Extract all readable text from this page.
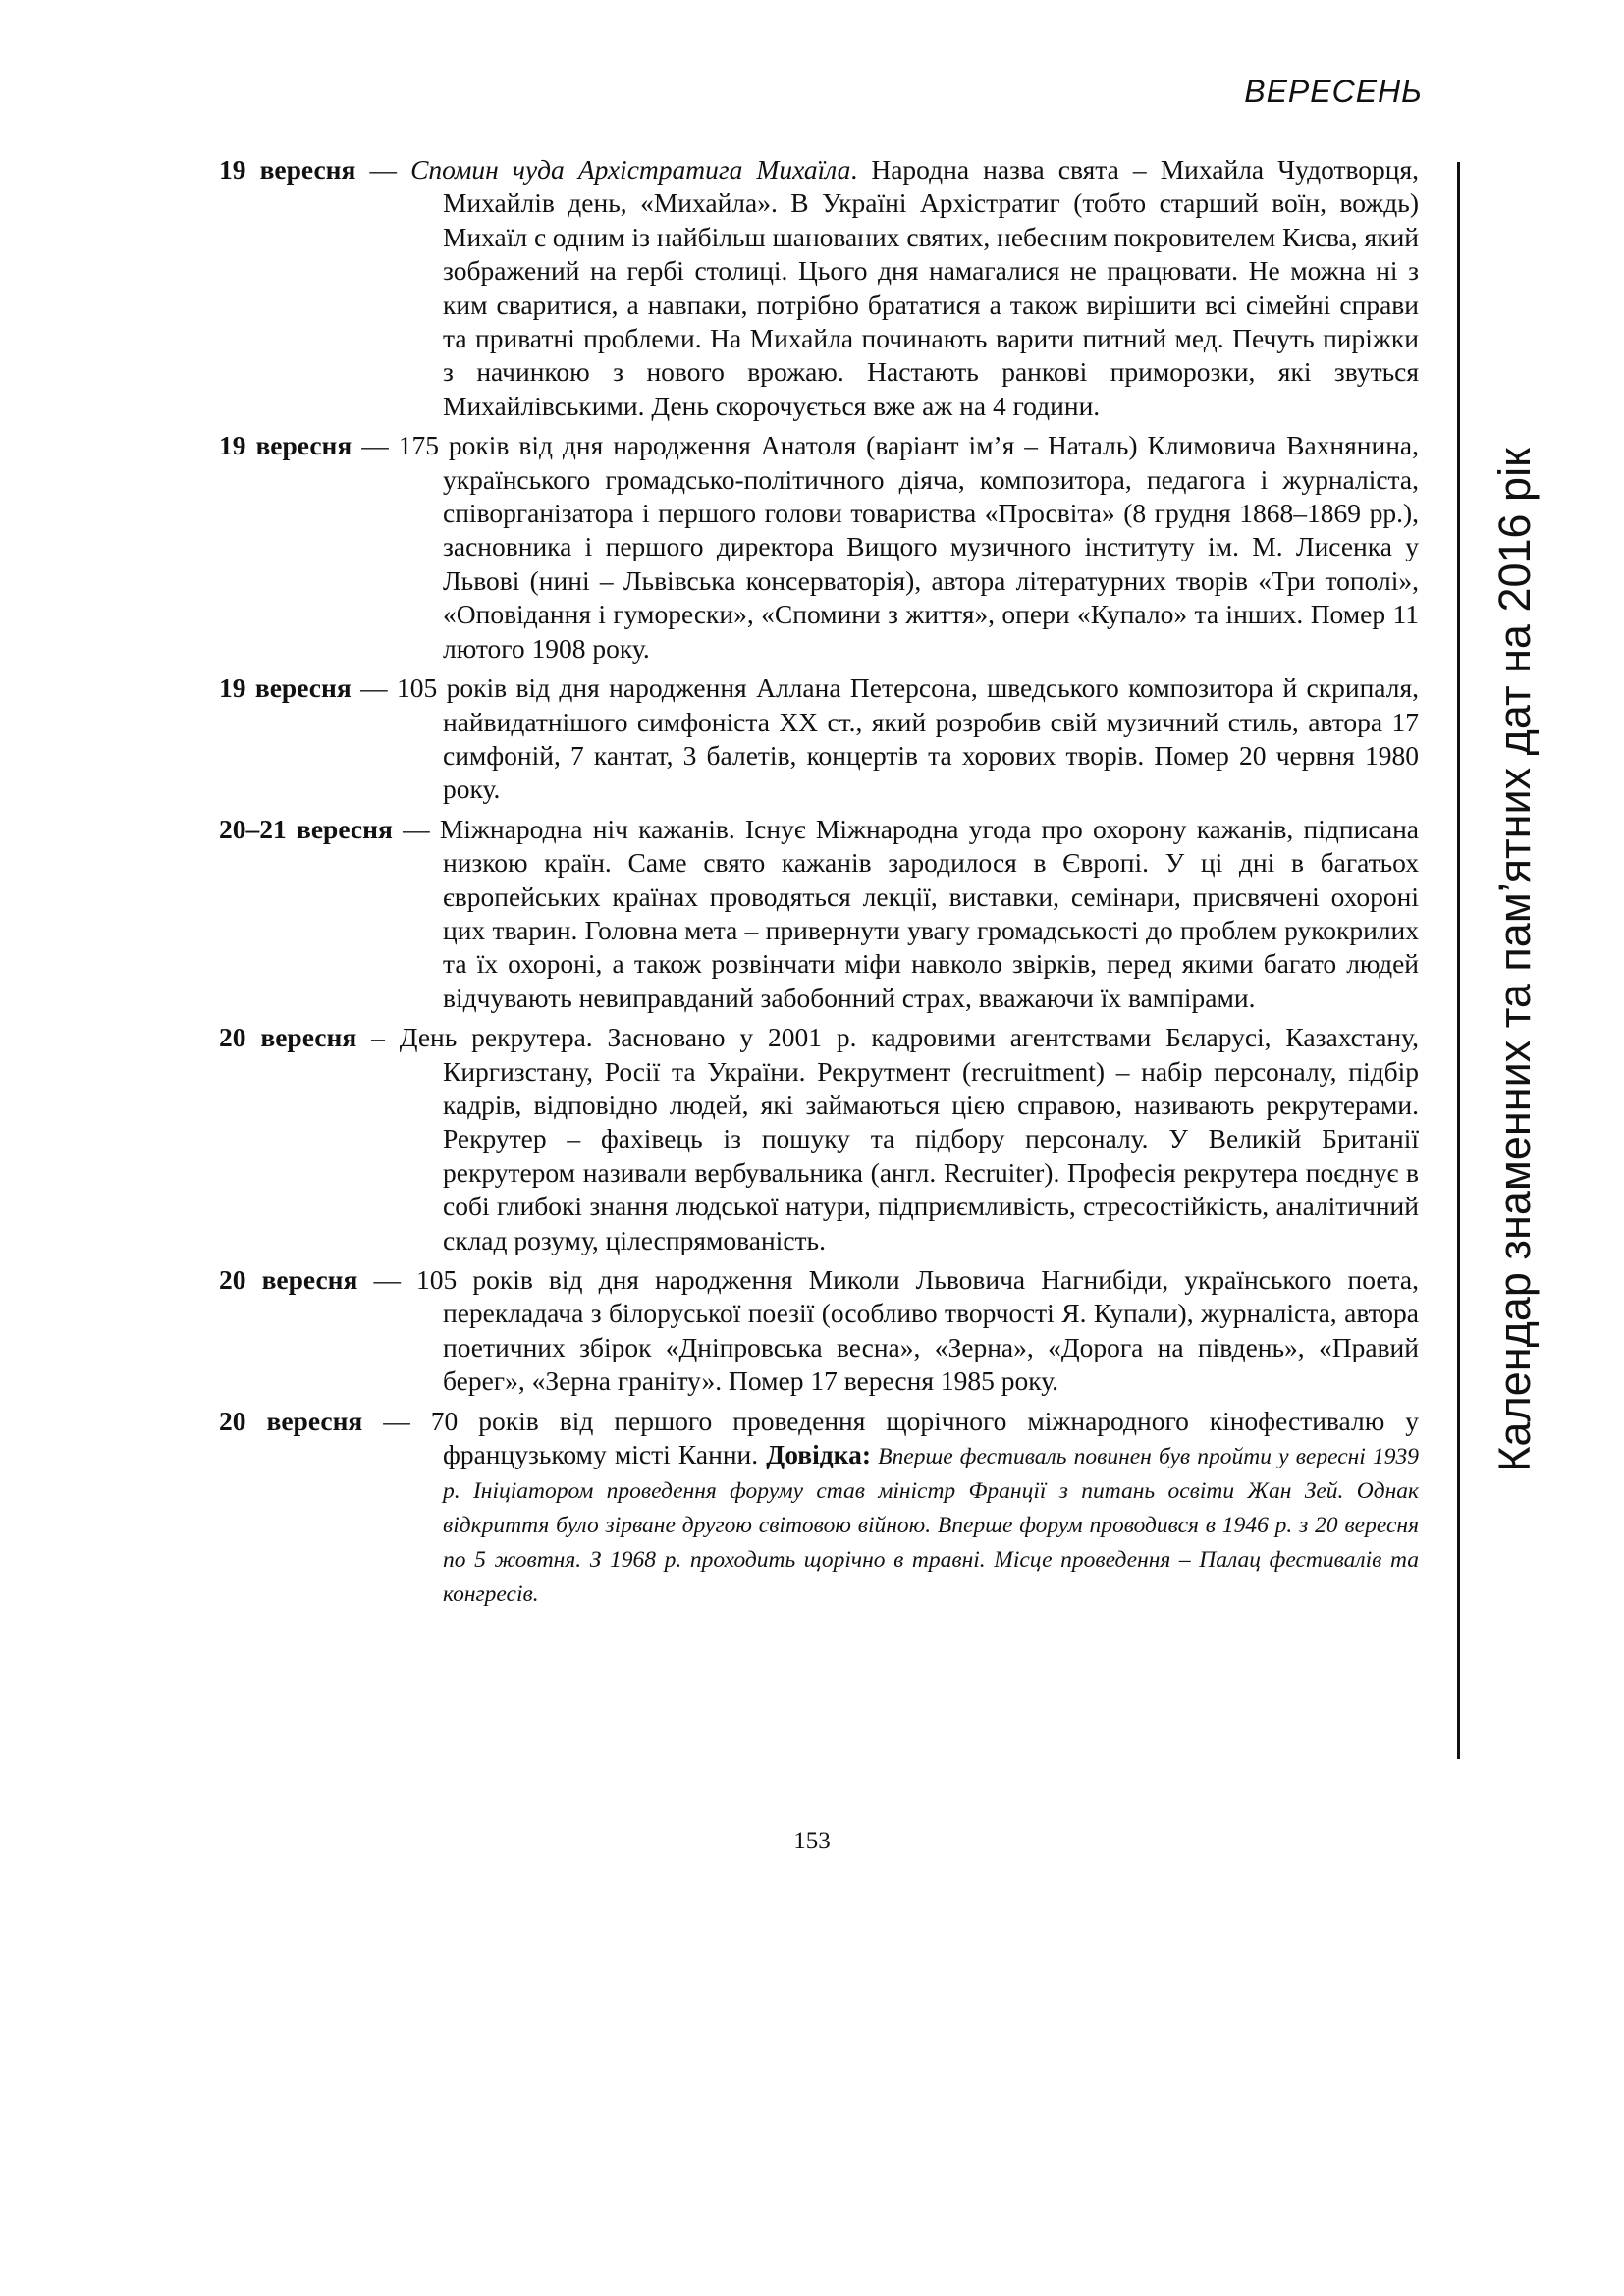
ВЕРЕСЕНЬ

19 вересня — Спомин чуда Архістратига Михаїла. Народна назва свята – Михайла Чудотворця, Михайлів день, «Михайла». В Україні Архістратиг (тобто старший воїн, вождь) Михаїл є одним із найбільш шанованих святих, небесним покровителем Києва, який зображений на гербі столиці. Цього дня намагалися не працювати. Не можна ні з ким сваритися, а навпаки, потрібно брататися а також вирішити всі сімейні справи та приватні проблеми. На Михайла починають варити питний мед. Печуть пиріжки з начинкою з нового врожаю. Настають ранкові приморозки, які звуться Михайлівськими. День скорочується вже аж на 4 години.

19 вересня — 175 років від дня народження Анатоля (варіант ім’я – Наталь) Климовича Вахнянина, українського громадсько-політичного діяча, композитора, педагога і журналіста, співорганізатора і першого голови товариства «Просвіта» (8 грудня 1868–1869 рр.), засновника і першого директора Вищого музичного інституту ім. М. Лисенка у Львові (нині – Львівська консерваторія), автора літературних творів «Три тополі», «Оповідання і гуморески», «Спомини з життя», опери «Купало» та інших. Помер 11 лютого 1908 року.

19 вересня — 105 років від дня народження Аллана Петерсона, шведського композитора й скрипаля, найвидатнішого симфоніста ХХ ст., який розробив свій музичний стиль, автора 17 симфоній, 7 кантат, 3 балетів, концертів та хорових творів. Помер 20 червня 1980 року.

20–21 вересня — Міжнародна ніч кажанів. Існує Міжнародна угода про охорону кажанів, підписана низкою країн. Саме свято кажанів зародилося в Європі. У ці дні в багатьох європейських країнах проводяться лекції, виставки, семінари, присвячені охороні цих тварин. Головна мета – привернути увагу громадськості до проблем рукокрилих та їх охороні, а також розвінчати міфи навколо звірків, перед якими багато людей відчувають невиправданий забобонний страх, вважаючи їх вампірами.

20 вересня – День рекрутера. Засновано у 2001 р. кадровими агентствами Бєларусі, Казахстану, Киргизстану, Росії та України. Рекрутмент (recruitment) – набір персоналу, підбір кадрів, відповідно людей, які займаються цією справою, називають рекрутерами. Рекрутер – фахівець із пошуку та підбору персоналу. У Великій Британії рекрутером називали вербувальника (англ. Recruiter). Професія рекрутера поєднує в собі глибокі знання людської натури, підприємливість, стресостійкість, аналітичний склад розуму, цілеспрямованість.

20 вересня — 105 років від дня народження Миколи Львовича Нагнибіди, українського поета, перекладача з білоруської поезії (особливо творчості Я. Купали), журналіста, автора поетичних збірок «Дніпровська весна», «Зерна», «Дорога на південь», «Правий берег», «Зерна граніту». Помер 17 вересня 1985 року.

20 вересня — 70 років від першого проведення щорічного міжнародного кінофестивалю у французькому місті Канни. Довідка: Вперше фестиваль повинен був пройти у вересні 1939 р. Ініціатором проведення форуму став міністр Франції з питань освіти Жан Зей. Однак відкриття було зірване другою світовою війною. Вперше форум проводився в 1946 р. з 20 вересня по 5 жовтня. З 1968 р. проходить щорічно в травні. Місце проведення – Палац фестивалів та конгресів.

Календар знаменних та пам’ятних дат на 2016 рік
153
